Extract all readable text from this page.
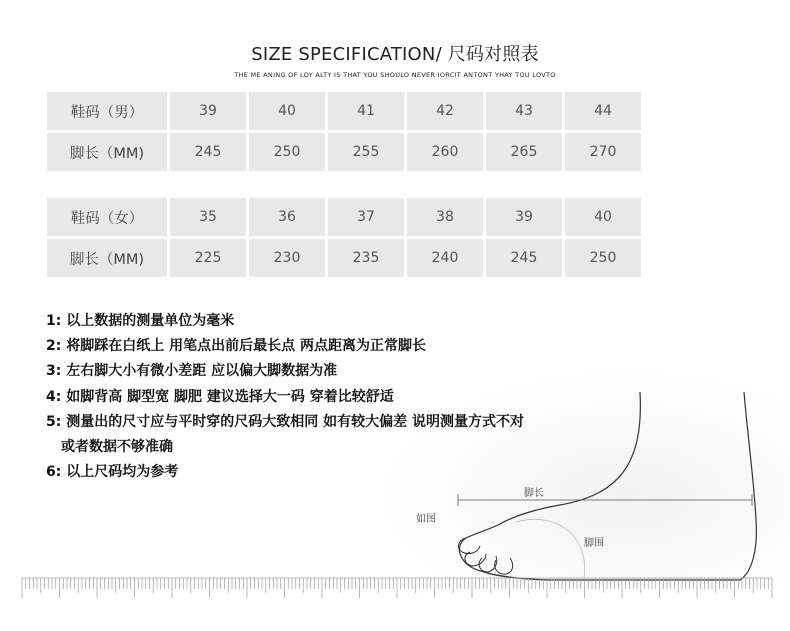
SIZE SPECIFICATION/ 尺码对照表
THE ME ANING OF LOY ALTY IS THAT YOU SHOULO NEVER IORCIT ANTONT YHAY TOU LOVTO
鞋码（男）	39	40	41	42	43	44
脚长（MM)	245	250	255	260	265	270
鞋码（女）	35	36	37	38	39	40
脚长（MM)	225	230	235	240	245	250
脚长
如图
脚围
1: 以上数据的测量单位为毫米
2: 将脚踩在白纸上 用笔点出前后最长点 两点距离为正常脚长
3: 左右脚大小有微小差距 应以偏大脚数据为准
4: 如脚背高 脚型宽 脚肥 建议选择大一码 穿着比较舒适
5: 测量出的尺寸应与平时穿的尺码大致相同 如有较大偏差 说明测量方式不对
或者数据不够准确
6: 以上尺码均为参考
